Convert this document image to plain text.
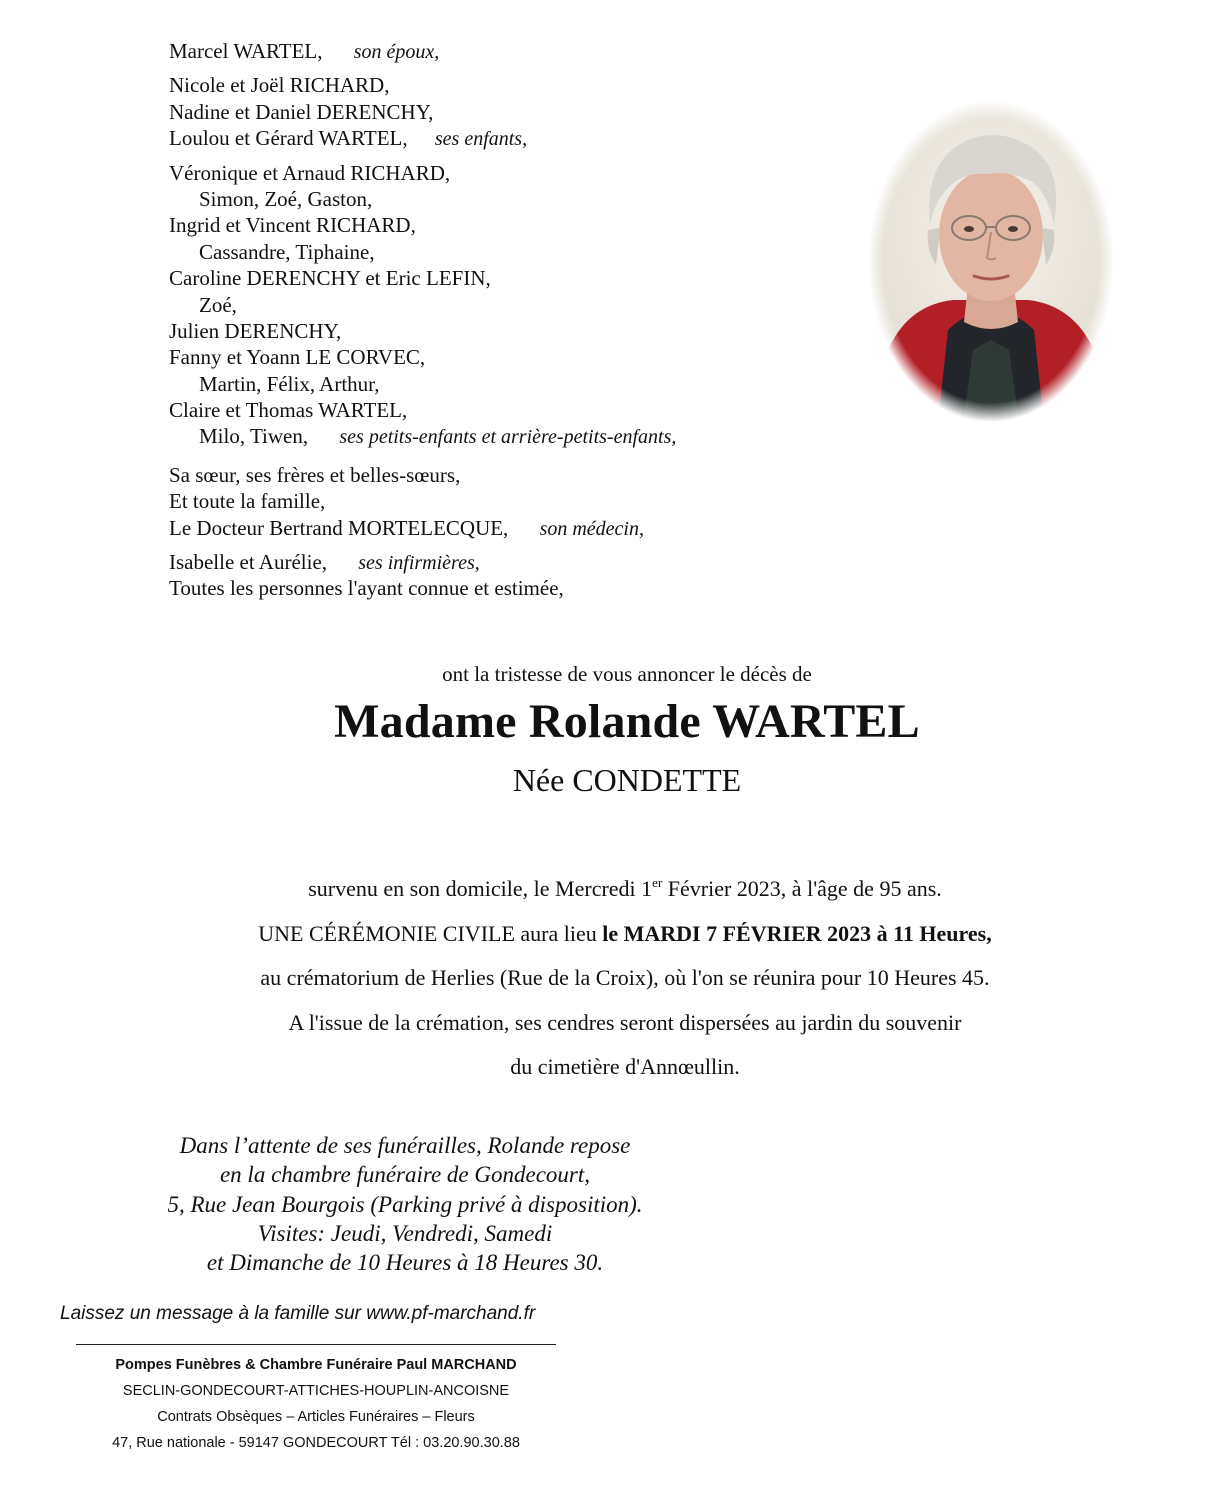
Marcel WARTEL, son époux,
Nicole et Joël RICHARD,
Nadine et Daniel DERENCHY,
Loulou et Gérard WARTEL, ses enfants,
Véronique et Arnaud RICHARD,
Simon, Zoé, Gaston,
Ingrid et Vincent RICHARD,
Cassandre, Tiphaine,
Caroline DERENCHY et Eric LEFIN,
Zoé,
Julien DERENCHY,
Fanny et Yoann LE CORVEC,
Martin, Félix, Arthur,
Claire et Thomas WARTEL,
Milo, Tiwen, ses petits-enfants et arrière-petits-enfants,
Sa sœur, ses frères et belles-sœurs,
Et toute la famille,
Le Docteur Bertrand MORTELECQUE, son médecin,
Isabelle et Aurélie, ses infirmières,
Toutes les personnes l'ayant connue et estimée,
ont la tristesse de vous annoncer le décès de
Madame Rolande WARTEL
Née CONDETTE
survenu en son domicile, le Mercredi 1er Février 2023, à l'âge de 95 ans.
UNE CÉRÉMONIE CIVILE aura lieu le MARDI 7 FÉVRIER 2023 à 11 Heures,
au crématorium de Herlies (Rue de la Croix), où l'on se réunira pour 10 Heures 45.
A l'issue de la crémation, ses cendres seront dispersées au jardin du souvenir
du cimetière d'Annœullin.
Dans l’attente de ses funérailles, Rolande repose
en la chambre funéraire de Gondecourt,
5, Rue Jean Bourgois (Parking privé à disposition).
Visites: Jeudi, Vendredi, Samedi
et Dimanche de 10 Heures à 18 Heures 30.
Laissez un message à la famille sur www.pf-marchand.fr
Pompes Funèbres & Chambre Funéraire Paul MARCHAND
SECLIN-GONDECOURT-ATTICHES-HOUPLIN-ANCOISNE
Contrats Obsèques – Articles Funéraires – Fleurs
47, Rue nationale - 59147 GONDECOURT Tél : 03.20.90.30.88
